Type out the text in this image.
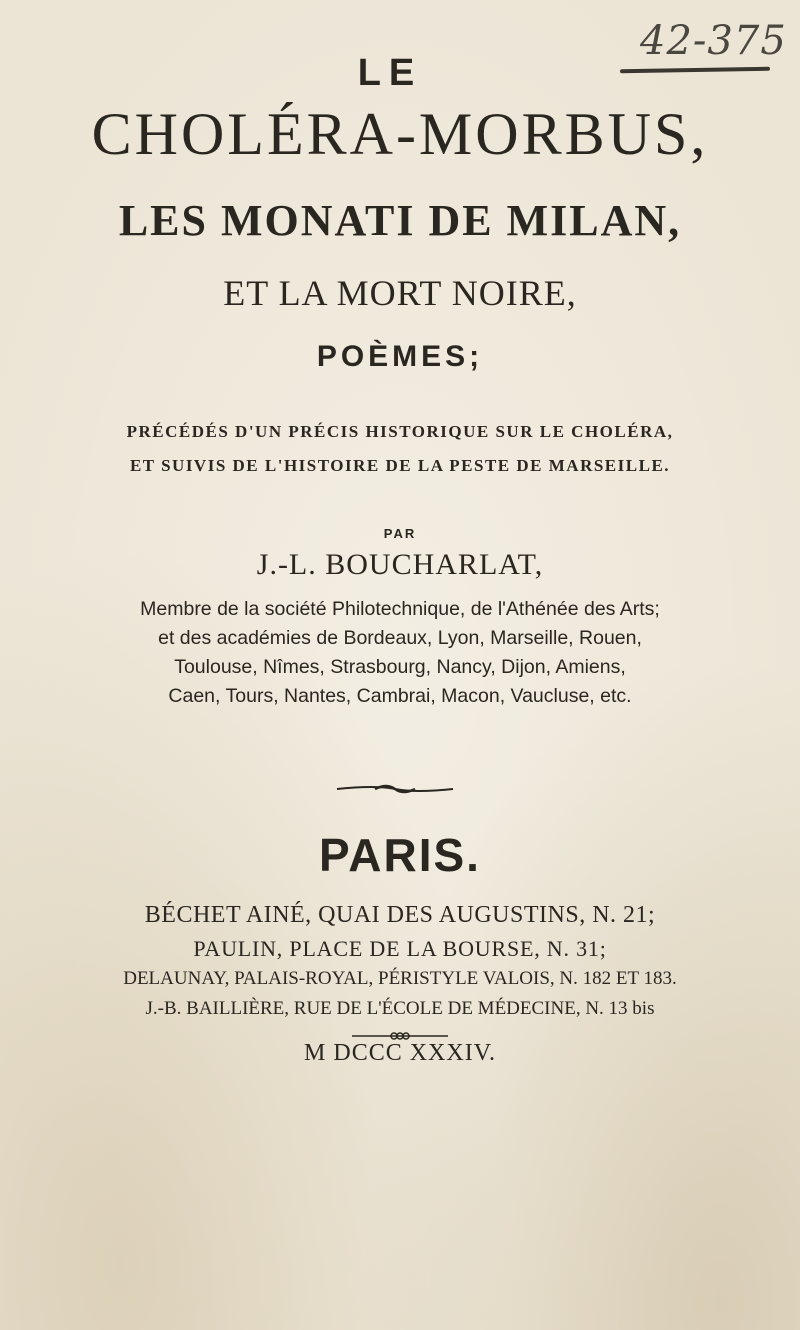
42-375
LE
CHOLÉRA-MORBUS,
LES MONATI DE MILAN,
ET LA MORT NOIRE,
POÈMES;
PRÉCÉDÉS D'UN PRÉCIS HISTORIQUE SUR LE CHOLÉRA,
ET SUIVIS DE L'HISTOIRE DE LA PESTE DE MARSEILLE.
PAR
J.-L. BOUCHARLAT,
Membre de la société Philotechnique, de l'Athénée des Arts;
et des académies de Bordeaux, Lyon, Marseille, Rouen,
Toulouse, Nîmes, Strasbourg, Nancy, Dijon, Amiens,
Caen, Tours, Nantes, Cambrai, Macon, Vaucluse, etc.
PARIS.
BÉCHET AINÉ, QUAI DES AUGUSTINS, N. 21;
PAULIN, PLACE DE LA BOURSE, N. 31;
DELAUNAY, PALAIS-ROYAL, PÉRISTYLE VALOIS, N. 182 ET 183.
J.-B. BAILLIÈRE, RUE DE L'ÉCOLE DE MÉDECINE, N. 13 bis
M DCCC XXXIV.
